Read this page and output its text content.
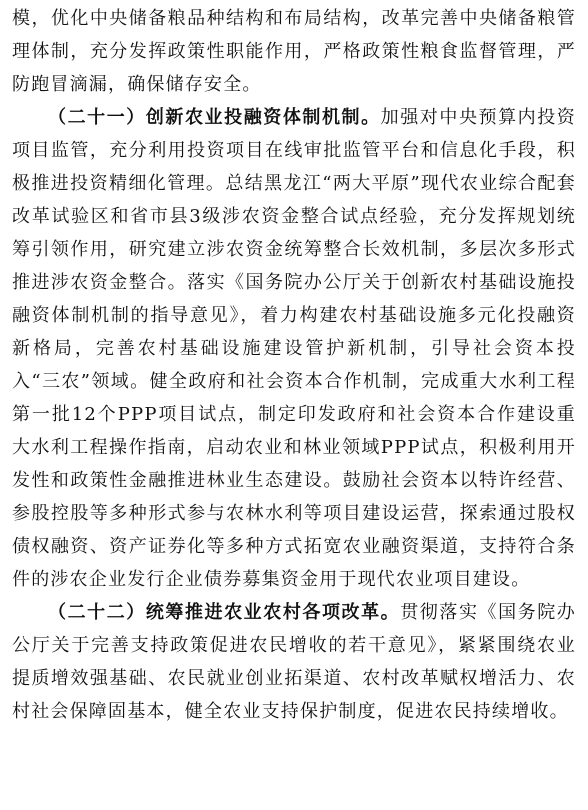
模，优化中央储备粮品种结构和布局结构，改革完善中央储备粮管理体制，充分发挥政策性职能作用，严格政策性粮食监督管理，严防跑冒滴漏，确保储存安全。

（二十一）创新农业投融资体制机制。加强对中央预算内投资项目监管，充分利用投资项目在线审批监管平台和信息化手段，积极推进投资精细化管理。总结黑龙江“两大平原”现代农业综合配套改革试验区和省市县3级涉农资金整合试点经验，充分发挥规划统筹引领作用，研究建立涉农资金统筹整合长效机制，多层次多形式推进涉农资金整合。落实《国务院办公厅关于创新农村基础设施投融资体制机制的指导意见》，着力构建农村基础设施多元化投融资新格局，完善农村基础设施建设管护新机制，引导社会资本投入“三农”领域。健全政府和社会资本合作机制，完成重大水利工程第一批12个PPP项目试点，制定印发政府和社会资本合作建设重大水利工程操作指南，启动农业和林业领域PPP试点，积极利用开发性和政策性金融推进林业生态建设。鼓励社会资本以特许经营、参股控股等多种形式参与农林水利等项目建设运营，探索通过股权债权融资、资产证券化等多种方式拓宽农业融资渠道，支持符合条件的涉农企业发行企业债券募集资金用于现代农业项目建设。

（二十二）统筹推进农业农村各项改革。贯彻落实《国务院办公厅关于完善支持政策促进农民增收的若干意见》，紧紧围绕农业提质增效强基础、农民就业创业拓渠道、农村改革赋权增活力、农村社会保障固基本，健全农业支持保护制度，促进农民持续增收。
